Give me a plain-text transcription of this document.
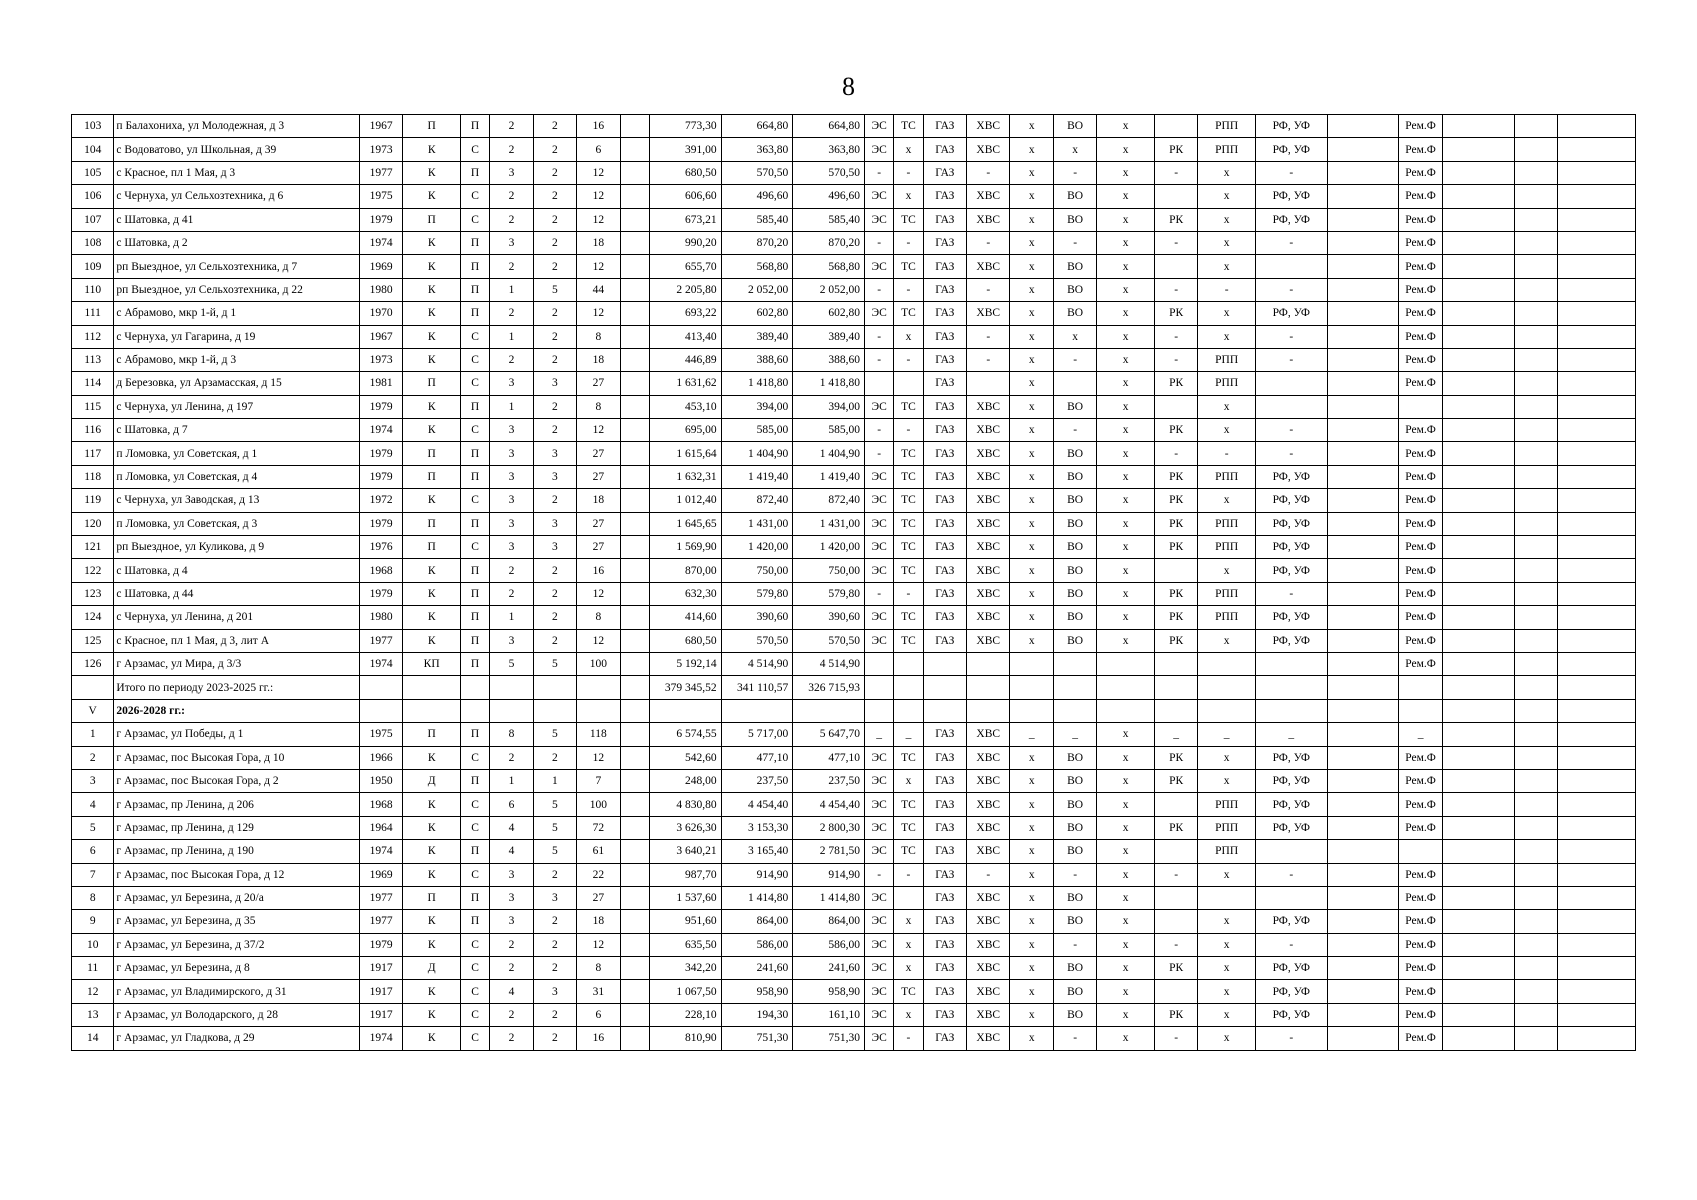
8
103	п Балахониха, ул Молодежная, д 3	1967	П	П	2	2	16		773,30	664,80	664,80	ЭС	ТС	ГАЗ	ХВС	х	ВО	х		РПП	РФ, УФ		Рем.Ф			
104	с Водоватово, ул Школьная, д 39	1973	К	С	2	2	6		391,00	363,80	363,80	ЭС	х	ГАЗ	ХВС	х	х	х	РК	РПП	РФ, УФ		Рем.Ф			
105	с Красное, пл 1 Мая, д 3	1977	К	П	3	2	12		680,50	570,50	570,50	-	-	ГАЗ	-	х	-	х	-	х	-		Рем.Ф			
106	с Чернуха, ул Сельхозтехника, д 6	1975	К	С	2	2	12		606,60	496,60	496,60	ЭС	х	ГАЗ	ХВС	х	ВО	х		х	РФ, УФ		Рем.Ф			
107	с Шатовка, д 41	1979	П	С	2	2	12		673,21	585,40	585,40	ЭС	ТС	ГАЗ	ХВС	х	ВО	х	РК	х	РФ, УФ		Рем.Ф			
108	с Шатовка, д 2	1974	К	П	3	2	18		990,20	870,20	870,20	-	-	ГАЗ	-	х	-	х	-	х	-		Рем.Ф			
109	рп Выездное, ул Сельхозтехника, д 7	1969	К	П	2	2	12		655,70	568,80	568,80	ЭС	ТС	ГАЗ	ХВС	х	ВО	х		х			Рем.Ф			
110	рп Выездное, ул Сельхозтехника, д 22	1980	К	П	1	5	44		2 205,80	2 052,00	2 052,00	-	-	ГАЗ	-	х	ВО	х	-	-	-		Рем.Ф			
111	с Абрамово, мкр 1-й, д 1	1970	К	П	2	2	12		693,22	602,80	602,80	ЭС	ТС	ГАЗ	ХВС	х	ВО	х	РК	х	РФ, УФ		Рем.Ф			
112	с Чернуха, ул Гагарина, д 19	1967	К	С	1	2	8		413,40	389,40	389,40	-	х	ГАЗ	-	х	х	х	-	х	-		Рем.Ф			
113	с Абрамово, мкр 1-й, д 3	1973	К	С	2	2	18		446,89	388,60	388,60	-	-	ГАЗ	-	х	-	х	-	РПП	-		Рем.Ф			
114	д Березовка, ул Арзамасская, д 15	1981	П	С	3	3	27		1 631,62	1 418,80	1 418,80			ГАЗ		х		х	РК	РПП			Рем.Ф			
115	с Чернуха, ул Ленина, д 197	1979	К	П	1	2	8		453,10	394,00	394,00	ЭС	ТС	ГАЗ	ХВС	х	ВО	х		х						
116	с Шатовка, д 7	1974	К	С	3	2	12		695,00	585,00	585,00	-	-	ГАЗ	ХВС	х	-	х	РК	х	-		Рем.Ф			
117	п Ломовка, ул Советская, д 1	1979	П	П	3	3	27		1 615,64	1 404,90	1 404,90	-	ТС	ГАЗ	ХВС	х	ВО	х	-	-	-		Рем.Ф			
118	п Ломовка, ул Советская, д 4	1979	П	П	3	3	27		1 632,31	1 419,40	1 419,40	ЭС	ТС	ГАЗ	ХВС	х	ВО	х	РК	РПП	РФ, УФ		Рем.Ф			
119	с Чернуха, ул Заводская, д 13	1972	К	С	3	2	18		1 012,40	872,40	872,40	ЭС	ТС	ГАЗ	ХВС	х	ВО	х	РК	х	РФ, УФ		Рем.Ф			
120	п Ломовка, ул Советская, д 3	1979	П	П	3	3	27		1 645,65	1 431,00	1 431,00	ЭС	ТС	ГАЗ	ХВС	х	ВО	х	РК	РПП	РФ, УФ		Рем.Ф			
121	рп Выездное, ул Куликова, д 9	1976	П	С	3	3	27		1 569,90	1 420,00	1 420,00	ЭС	ТС	ГАЗ	ХВС	х	ВО	х	РК	РПП	РФ, УФ		Рем.Ф			
122	с Шатовка, д 4	1968	К	П	2	2	16		870,00	750,00	750,00	ЭС	ТС	ГАЗ	ХВС	х	ВО	х		х	РФ, УФ		Рем.Ф			
123	с Шатовка, д 44	1979	К	П	2	2	12		632,30	579,80	579,80	-	-	ГАЗ	ХВС	х	ВО	х	РК	РПП	-		Рем.Ф			
124	с Чернуха, ул Ленина, д 201	1980	К	П	1	2	8		414,60	390,60	390,60	ЭС	ТС	ГАЗ	ХВС	х	ВО	х	РК	РПП	РФ, УФ		Рем.Ф			
125	с Красное, пл 1 Мая, д 3, лит А	1977	К	П	3	2	12		680,50	570,50	570,50	ЭС	ТС	ГАЗ	ХВС	х	ВО	х	РК	х	РФ, УФ		Рем.Ф			
126	г Арзамас, ул Мира, д 3/3	1974	КП	П	5	5	100		5 192,14	4 514,90	4 514,90												Рем.Ф			
	Итого по периоду 2023-2025 гг.:								379 345,52	341 110,57	326 715,93															
V	2026-2028 гг.:																									
1	г Арзамас, ул Победы, д 1	1975	П	П	8	5	118		6 574,55	5 717,00	5 647,70	_	_	ГАЗ	ХВС	_	_	х	_	_	_		_			
2	г Арзамас, пос Высокая Гора, д 10	1966	К	С	2	2	12		542,60	477,10	477,10	ЭС	ТС	ГАЗ	ХВС	х	ВО	х	РК	х	РФ, УФ		Рем.Ф			
3	г Арзамас, пос Высокая Гора, д 2	1950	Д	П	1	1	7		248,00	237,50	237,50	ЭС	х	ГАЗ	ХВС	х	ВО	х	РК	х	РФ, УФ		Рем.Ф			
4	г Арзамас, пр Ленина, д 206	1968	К	С	6	5	100		4 830,80	4 454,40	4 454,40	ЭС	ТС	ГАЗ	ХВС	х	ВО	х		РПП	РФ, УФ		Рем.Ф			
5	г Арзамас, пр Ленина, д 129	1964	К	С	4	5	72		3 626,30	3 153,30	2 800,30	ЭС	ТС	ГАЗ	ХВС	х	ВО	х	РК	РПП	РФ, УФ		Рем.Ф			
6	г Арзамас, пр Ленина, д 190	1974	К	П	4	5	61		3 640,21	3 165,40	2 781,50	ЭС	ТС	ГАЗ	ХВС	х	ВО	х		РПП						
7	г Арзамас, пос Высокая Гора, д 12	1969	К	С	3	2	22		987,70	914,90	914,90	-	-	ГАЗ	-	х	-	х	-	х	-		Рем.Ф			
8	г Арзамас, ул Березина, д 20/а	1977	П	П	3	3	27		1 537,60	1 414,80	1 414,80	ЭС		ГАЗ	ХВС	х	ВО	х					Рем.Ф			
9	г Арзамас, ул Березина, д 35	1977	К	П	3	2	18		951,60	864,00	864,00	ЭС	х	ГАЗ	ХВС	х	ВО	х		х	РФ, УФ		Рем.Ф			
10	г Арзамас, ул Березина, д 37/2	1979	К	С	2	2	12		635,50	586,00	586,00	ЭС	х	ГАЗ	ХВС	х	-	х	-	х	-		Рем.Ф			
11	г Арзамас, ул Березина, д 8	1917	Д	С	2	2	8		342,20	241,60	241,60	ЭС	х	ГАЗ	ХВС	х	ВО	х	РК	х	РФ, УФ		Рем.Ф			
12	г Арзамас, ул Владимирского, д 31	1917	К	С	4	3	31		1 067,50	958,90	958,90	ЭС	ТС	ГАЗ	ХВС	х	ВО	х		х	РФ, УФ		Рем.Ф			
13	г Арзамас, ул Володарского, д 28	1917	К	С	2	2	6		228,10	194,30	161,10	ЭС	х	ГАЗ	ХВС	х	ВО	х	РК	х	РФ, УФ		Рем.Ф			
14	г Арзамас, ул Гладкова, д 29	1974	К	С	2	2	16		810,90	751,30	751,30	ЭС	-	ГАЗ	ХВС	х	-	х	-	х	-		Рем.Ф			
